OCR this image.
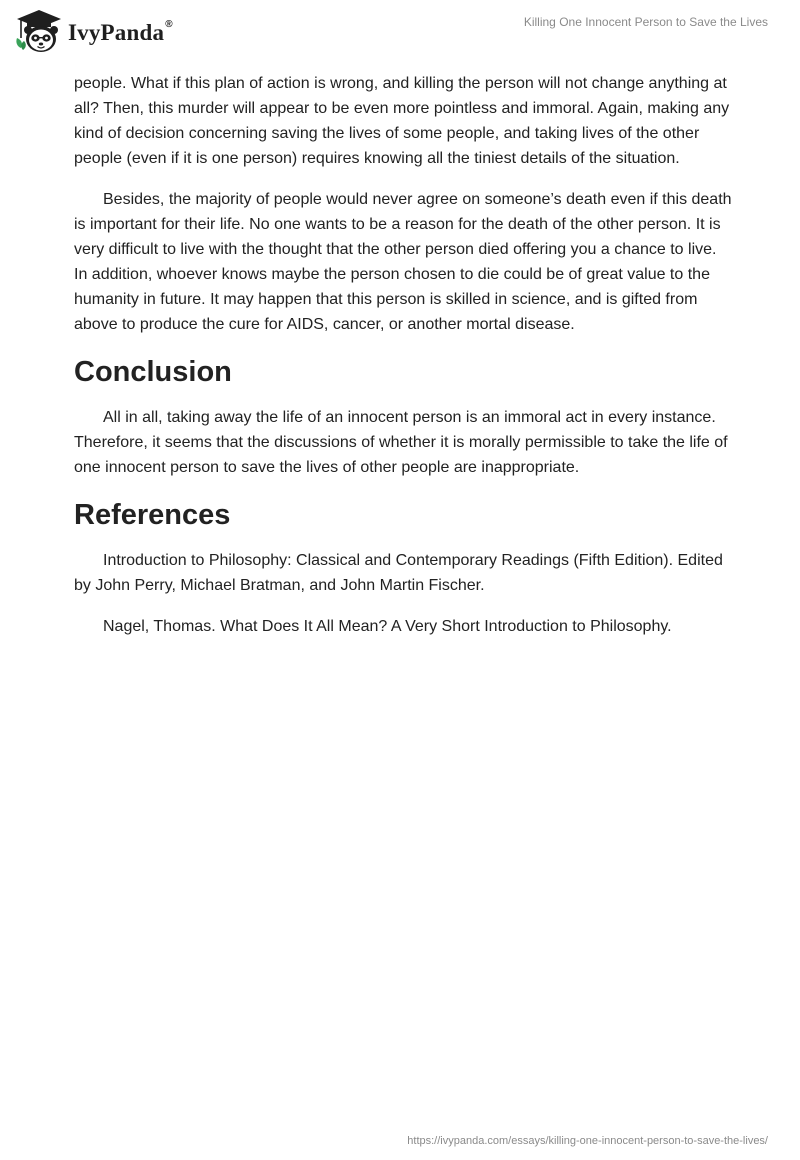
IvyPanda®	Killing One Innocent Person to Save the Lives

people. What if this plan of action is wrong, and killing the person will not change anything at all? Then, this murder will appear to be even more pointless and immoral. Again, making any kind of decision concerning saving the lives of some people, and taking lives of the other people (even if it is one person) requires knowing all the tiniest details of the situation.

Besides, the majority of people would never agree on someone’s death even if this death is important for their life. No one wants to be a reason for the death of the other person. It is very difficult to live with the thought that the other person died offering you a chance to live. In addition, whoever knows maybe the person chosen to die could be of great value to the humanity in future. It may happen that this person is skilled in science, and is gifted from above to produce the cure for AIDS, cancer, or another mortal disease.

Conclusion

All in all, taking away the life of an innocent person is an immoral act in every instance. Therefore, it seems that the discussions of whether it is morally permissible to take the life of one innocent person to save the lives of other people are inappropriate.

References

Introduction to Philosophy: Classical and Contemporary Readings (Fifth Edition). Edited by John Perry, Michael Bratman, and John Martin Fischer.

Nagel, Thomas. What Does It All Mean? A Very Short Introduction to Philosophy.

https://ivypanda.com/essays/killing-one-innocent-person-to-save-the-lives/
